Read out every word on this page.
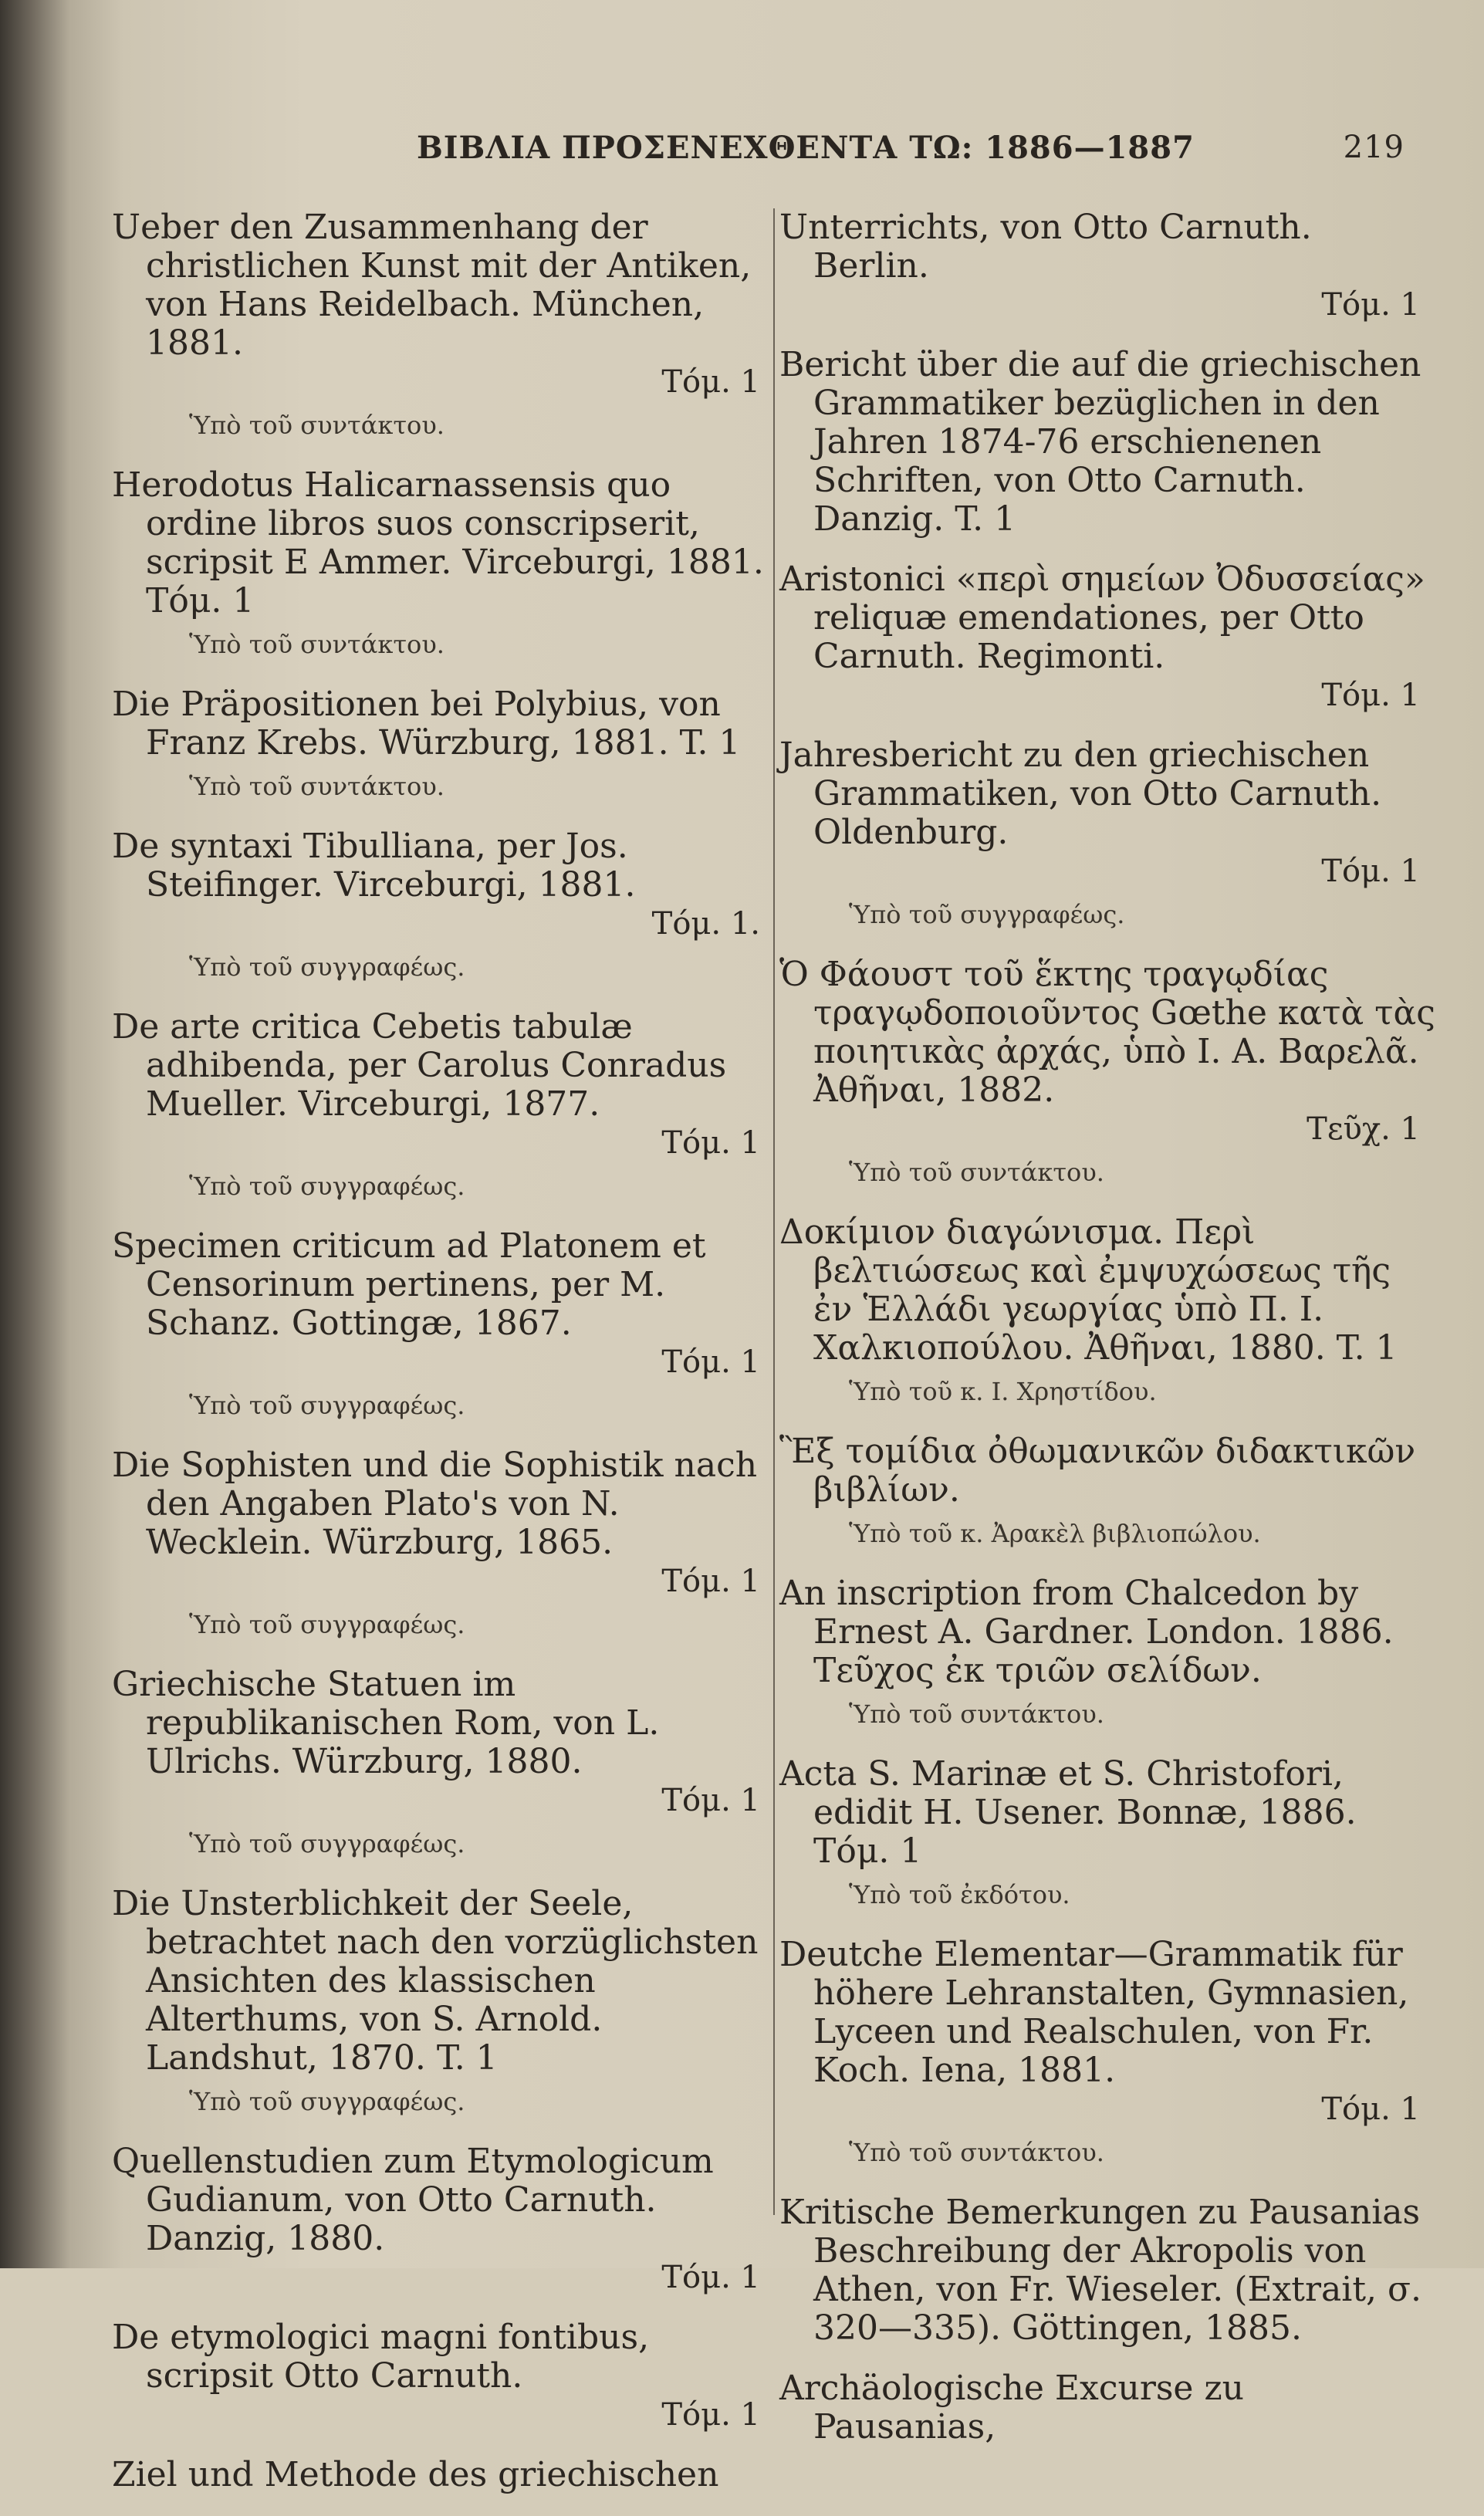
ΒΙΒΛΙΑ ΠΡΟΣΕΝΕΧΘΕΝΤΑ ΤΩ: 1886—1887	219
Ueber den Zusammenhang der christlichen Kunst mit der Antiken, von Hans Reidelbach. München, 1881.
Τόμ. 1
Ὑπὸ τοῦ συντάκτου.
Herodotus Halicarnassensis quo ordine libros suos conscripserit, scripsit E Ammer. Virceburgi, 1881. Τόμ. 1
Ὑπὸ τοῦ συντάκτου.
Die Präpositionen bei Polybius, von Franz Krebs. Würzburg, 1881. T. 1
Ὑπὸ τοῦ συντάκτου.
De syntaxi Tibulliana, per Jos. Steifinger. Virceburgi, 1881.
Τόμ. 1.
Ὑπὸ τοῦ συγγραφέως.
De arte critica Cebetis tabulæ adhibenda, per Carolus Conradus Mueller. Virceburgi, 1877.
Τόμ. 1
Ὑπὸ τοῦ συγγραφέως.
Specimen criticum ad Platonem et Censorinum pertinens, per M. Schanz. Gottingæ, 1867.
Τόμ. 1
Ὑπὸ τοῦ συγγραφέως.
Die Sophisten und die Sophistik nach den Angaben Plato's von N. Wecklein. Würzburg, 1865.
Τόμ. 1
Ὑπὸ τοῦ συγγραφέως.
Griechische Statuen im republikanischen Rom, von L. Ulrichs. Würzburg, 1880.
Τόμ. 1
Ὑπὸ τοῦ συγγραφέως.
Die Unsterblichkeit der Seele, betrachtet nach den vorzüglichsten Ansichten des klassischen Alterthums, von S. Arnold. Landshut, 1870. T. 1
Ὑπὸ τοῦ συγγραφέως.
Quellenstudien zum Etymologicum Gudianum, von Otto Carnuth. Danzig, 1880.
Τόμ. 1
De etymologici magni fontibus, scripsit Otto Carnuth.
Τόμ. 1
Ziel und Methode des griechischen
Unterrichts, von Otto Carnuth. Berlin.
Τόμ. 1
Bericht über die auf die griechischen Grammatiker bezüglichen in den Jahren 1874-76 erschienenen Schriften, von Otto Carnuth. Danzig. T. 1
Aristonici «περὶ σημείων Ὀδυσσείας» reliquæ emendationes, per Otto Carnuth. Regimonti.
Τόμ. 1
Jahresbericht zu den griechischen Grammatiken, von Otto Carnuth. Oldenburg.
Τόμ. 1
Ὑπὸ τοῦ συγγραφέως.
Ὁ Φάουστ τοῦ ἕκτης τραγῳδίας τραγῳδοποιοῦντος Gœthe κατὰ τὰς ποιητικὰς ἀρχάς, ὑπὸ Ι. Α. Βαρελᾶ. Ἀθῆναι, 1882.
Τεῦχ. 1
Ὑπὸ τοῦ συντάκτου.
Δοκίμιον διαγώνισμα. Περὶ βελτιώσεως καὶ ἐμψυχώσεως τῆς ἐν Ἑλλάδι γεωργίας ὑπὸ Π. Ι. Χαλκιοπούλου. Ἀθῆναι, 1880. T. 1
Ὑπὸ τοῦ κ. Ι. Χρηστίδου.
Ἓξ τομίδια ὀθωμανικῶν διδακτικῶν βιβλίων.
Ὑπὸ τοῦ κ. Ἀρακὲλ βιβλιοπώλου.
An inscription from Chalcedon by Ernest A. Gardner. London. 1886. Τεῦχος ἐκ τριῶν σελίδων.
Ὑπὸ τοῦ συντάκτου.
Acta S. Marinæ et S. Christofori, edidit H. Usener. Bonnæ, 1886. Τόμ. 1
Ὑπὸ τοῦ ἐκδότου.
Deutche Elementar—Grammatik für höhere Lehranstalten, Gymnasien, Lyceen und Realschulen, von Fr. Koch. Iena, 1881.
Τόμ. 1
Ὑπὸ τοῦ συντάκτου.
Kritische Bemerkungen zu Pausanias Beschreibung der Akropolis von Athen, von Fr. Wieseler. (Extrait, σ. 320—335). Göttingen, 1885.
Archäologische Excurse zu Pausanias,
